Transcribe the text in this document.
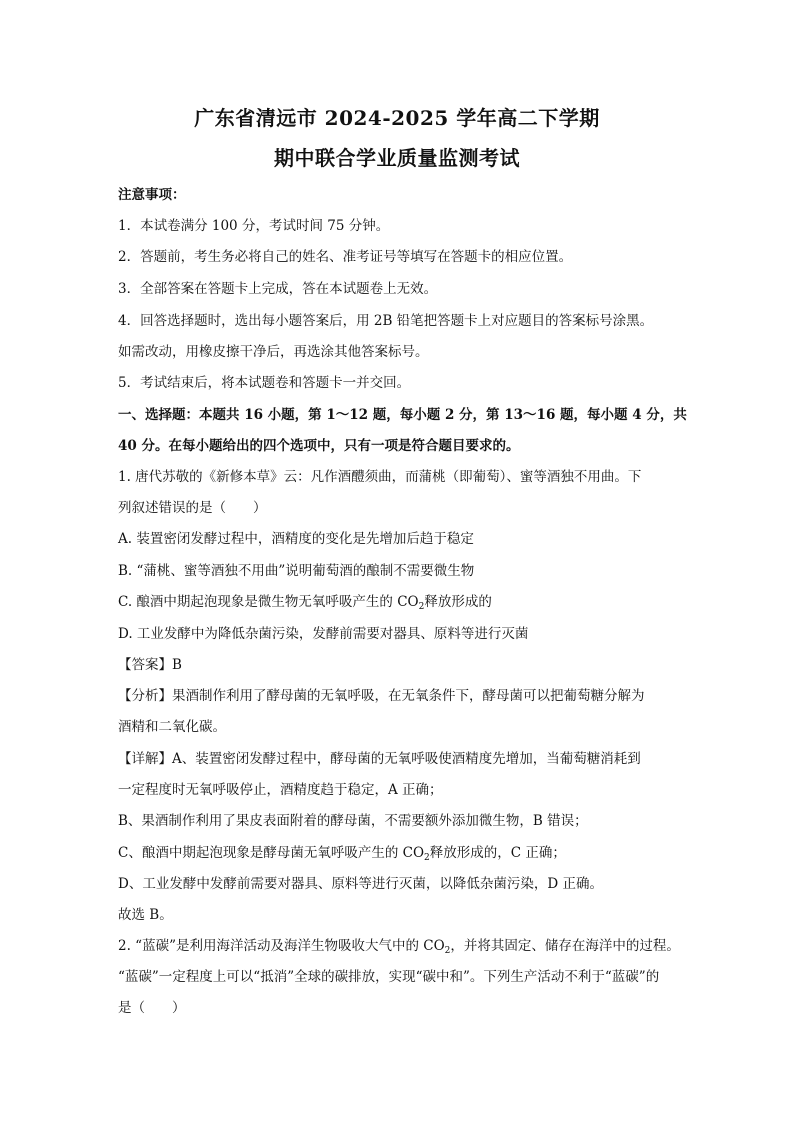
广东省清远市 2024-2025 学年高二下学期
期中联合学业质量监测考试
注意事项：
1．本试卷满分 100 分，考试时间 75 分钟。
2．答题前，考生务必将自己的姓名、准考证号等填写在答题卡的相应位置。
3．全部答案在答题卡上完成，答在本试题卷上无效。
4．回答选择题时，选出每小题答案后，用 2B 铅笔把答题卡上对应题目的答案标号涂黑。
如需改动，用橡皮擦干净后，再选涂其他答案标号。
5．考试结束后，将本试题卷和答题卡一并交回。
一、选择题：本题共 16 小题，第 1～12 题，每小题 2 分，第 13～16 题，每小题 4 分，共
40 分。在每小题给出的四个选项中，只有一项是符合题目要求的。
1. 唐代苏敬的《新修本草》云：凡作酒醴须曲，而蒲桃（即葡萄）、蜜等酒独不用曲。下
列叙述错误的是（　　）
A. 装置密闭发酵过程中，酒精度的变化是先增加后趋于稳定
B. “蒲桃、蜜等酒独不用曲”说明葡萄酒的酿制不需要微生物
C. 酿酒中期起泡现象是微生物无氧呼吸产生的 $CO_2$释放形成的
D. 工业发酵中为降低杂菌污染，发酵前需要对器具、原料等进行灭菌
【答案】B
【分析】果酒制作利用了酵母菌的无氧呼吸，在无氧条件下，酵母菌可以把葡萄糖分解为
酒精和二氧化碳。
【详解】A、装置密闭发酵过程中，酵母菌的无氧呼吸使酒精度先增加，当葡萄糖消耗到
一定程度时无氧呼吸停止，酒精度趋于稳定，A 正确；
B、果酒制作利用了果皮表面附着的酵母菌，不需要额外添加微生物，B 错误；
C、酿酒中期起泡现象是酵母菌无氧呼吸产生的 $CO_2$释放形成的，C 正确；
D、工业发酵中发酵前需要对器具、原料等进行灭菌，以降低杂菌污染，D 正确。
故选 B。
2. “蓝碳”是利用海洋活动及海洋生物吸收大气中的 $CO_2$，并将其固定、储存在海洋中的过程。
“蓝碳”一定程度上可以“抵消”全球的碳排放，实现“碳中和”。下列生产活动不利于“蓝碳”的
是（　　）
